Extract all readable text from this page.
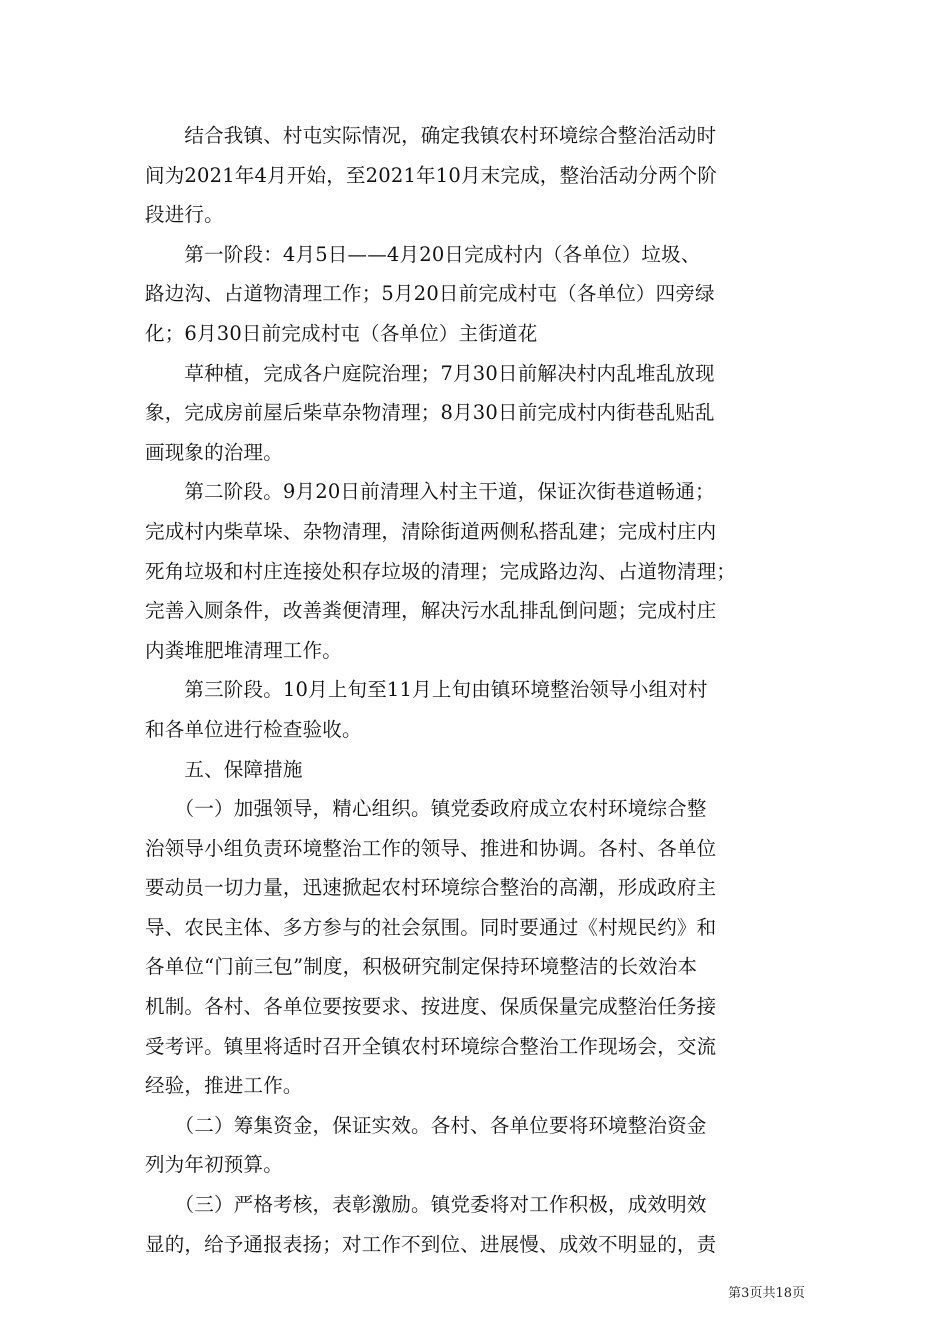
　　结合我镇、村屯实际情况，确定我镇农村环境综合整治活动时
间为2021年4月开始，至2021年10月末完成，整治活动分两个阶
段进行。
　　第一阶段：4月5日——4月20日完成村内（各单位）垃圾、
路边沟、占道物清理工作；5月20日前完成村屯（各单位）四旁绿
化；6月30日前完成村屯（各单位）主街道花
　　草种植，完成各户庭院治理；7月30日前解决村内乱堆乱放现
象，完成房前屋后柴草杂物清理；8月30日前完成村内街巷乱贴乱
画现象的治理。
　　第二阶段。9月20日前清理入村主干道，保证次街巷道畅通；
完成村内柴草垛、杂物清理，清除街道两侧私搭乱建；完成村庄内
死角垃圾和村庄连接处积存垃圾的清理；完成路边沟、占道物清理；
完善入厕条件，改善粪便清理，解决污水乱排乱倒问题；完成村庄
内粪堆肥堆清理工作。
　　第三阶段。10月上旬至11月上旬由镇环境整治领导小组对村
和各单位进行检查验收。
　　五、保障措施
　　（一）加强领导，精心组织。镇党委政府成立农村环境综合整
治领导小组负责环境整治工作的领导、推进和协调。各村、各单位
要动员一切力量，迅速掀起农村环境综合整治的高潮，形成政府主
导、农民主体、多方参与的社会氛围。同时要通过《村规民约》和
各单位“门前三包”制度，积极研究制定保持环境整洁的长效治本
机制。各村、各单位要按要求、按进度、保质保量完成整治任务接
受考评。镇里将适时召开全镇农村环境综合整治工作现场会，交流
经验，推进工作。
　　（二）筹集资金，保证实效。各村、各单位要将环境整治资金
列为年初预算。
　　（三）严格考核，表彰激励。镇党委将对工作积极，成效明效
显的，给予通报表扬；对工作不到位、进展慢、成效不明显的，责
第3页共18页
